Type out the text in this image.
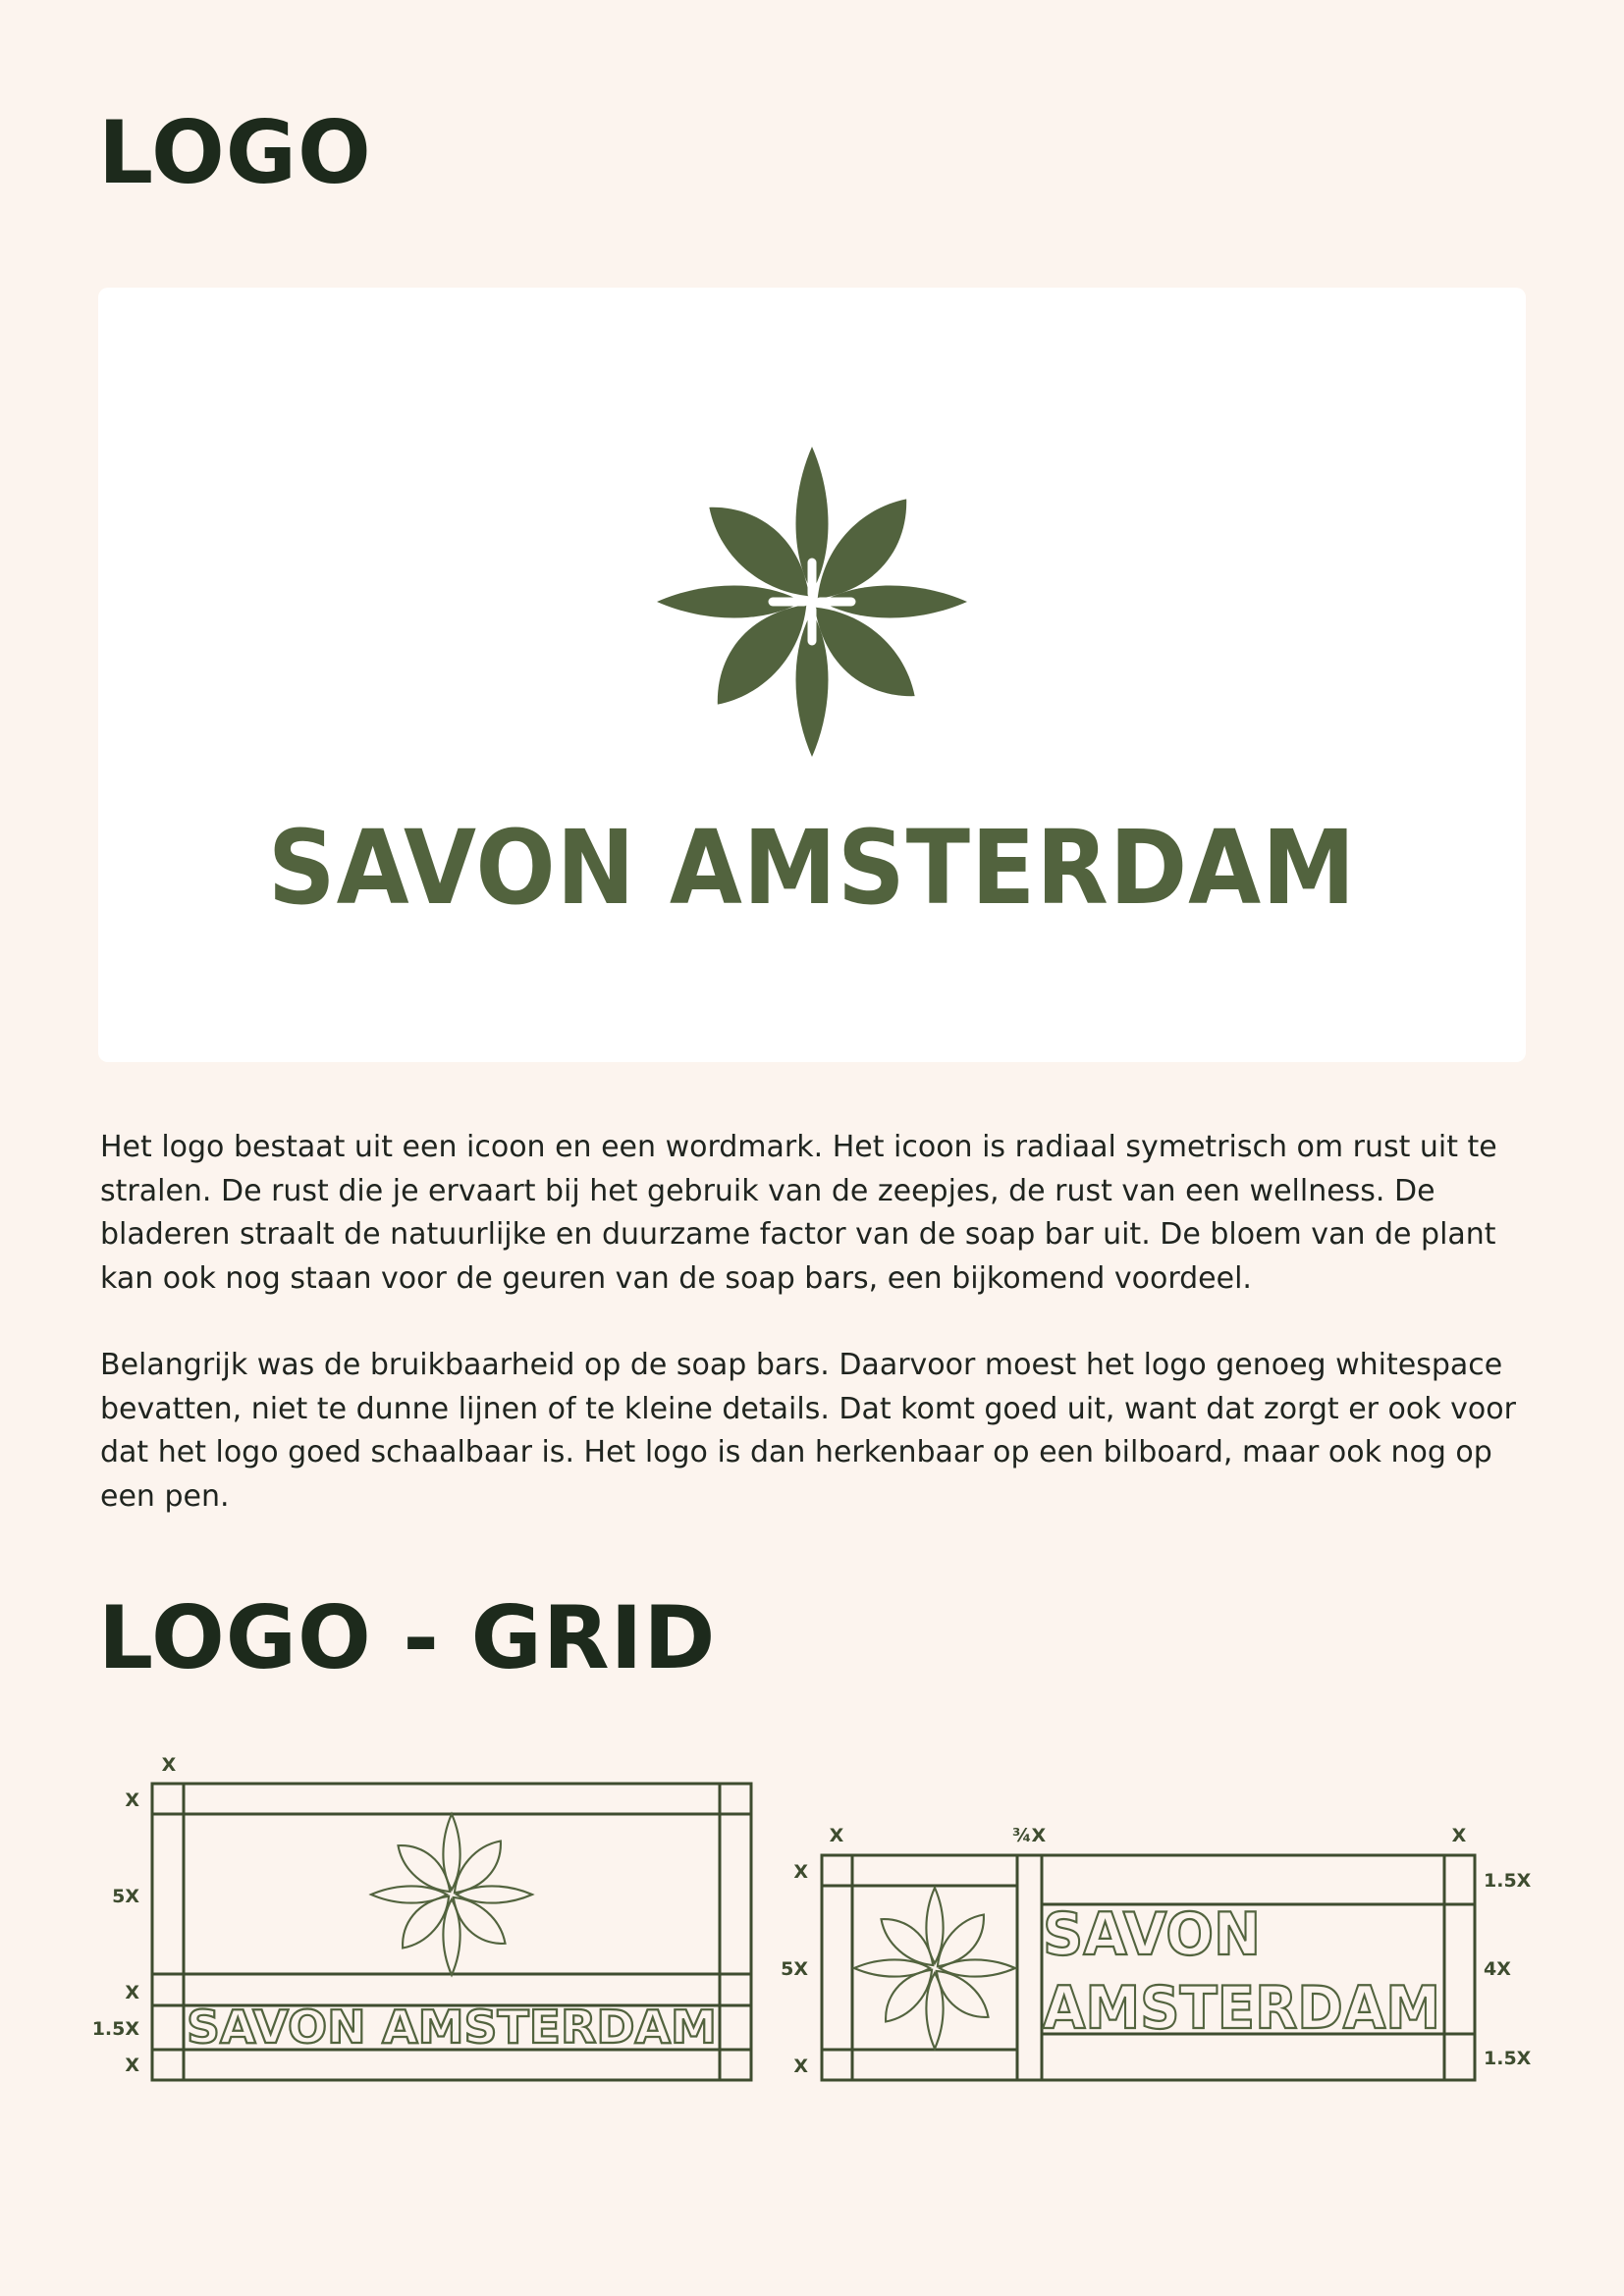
LOGO

SAVON AMSTERDAM

Het logo bestaat uit een icoon en een wordmark. Het icoon is radiaal symetrisch om rust uit te stralen. De rust die je ervaart bij het gebruik van de zeepjes, de rust van een wellness. De bladeren straalt de natuurlijke en duurzame factor van de soap bar uit. De bloem van de plant kan ook nog staan voor de geuren van de soap bars, een bijkomend voordeel.

Belangrijk was de bruikbaarheid op de soap bars. Daarvoor moest het logo genoeg whitespace bevatten, niet te dunne lijnen of te kleine details. Dat komt goed uit, want dat zorgt er ook voor dat het logo goed schaalbaar is. Het logo is dan herkenbaar op een bilboard, maar ook nog op een pen.

LOGO - GRID
SAVON AMSTERDAM
X
X
5X
X
1.5X
X
SAVON
AMSTERDAM
X	¾X	X
X
5X
X
1.5X
4X
1.5X
